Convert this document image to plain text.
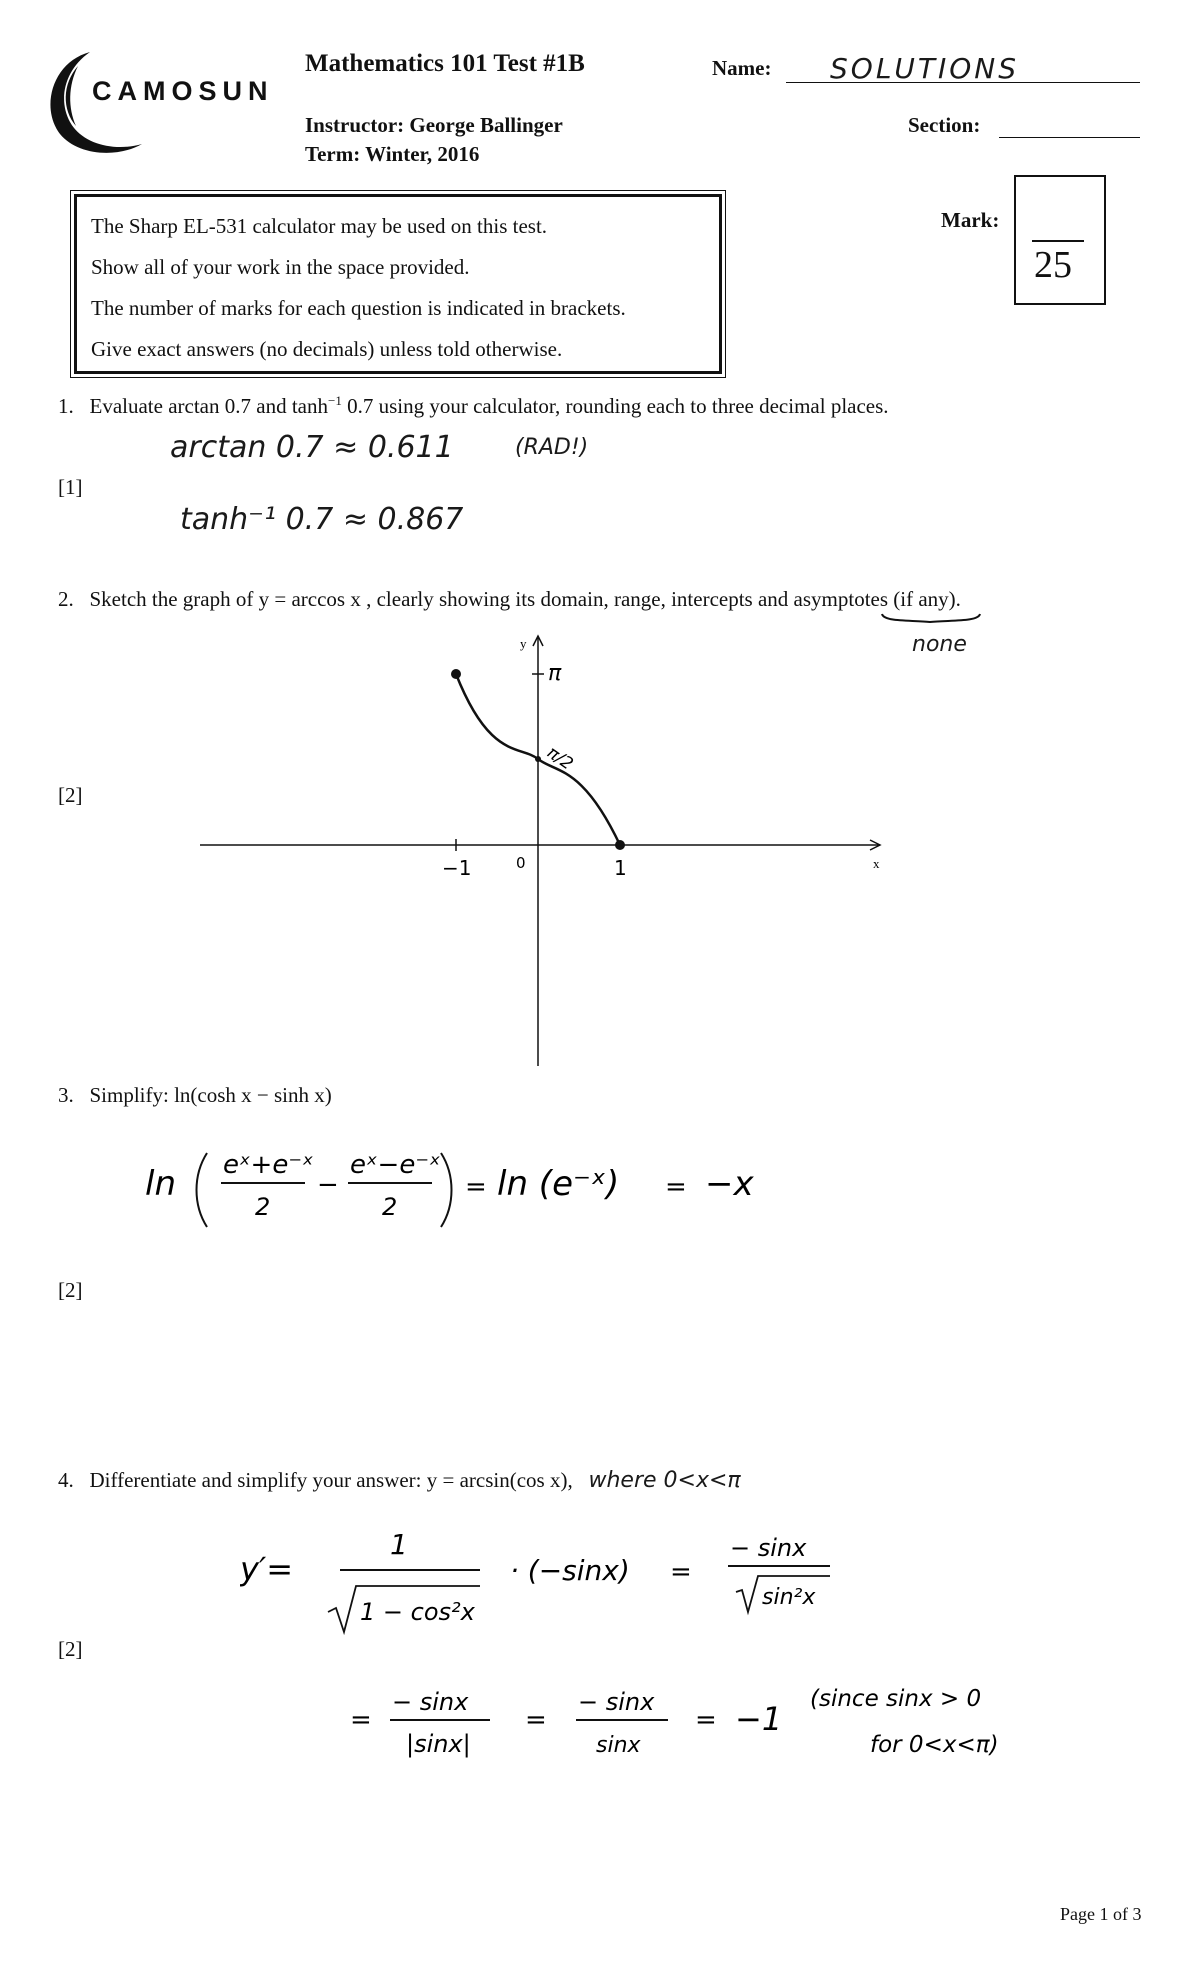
CAMOSUN
Mathematics 101 Test #1B
Instructor: George Ballinger
Term: Winter, 2016
Name: SOLUTIONS
Section:
Mark:
25
The Sharp EL-531 calculator may be used on this test.
Show all of your work in the space provided.
The number of marks for each question is indicated in brackets.
Give exact answers (no decimals) unless told otherwise.
1. Evaluate arctan 0.7 and $\tanh^{-1} 0.7$ using your calculator, rounding each to three decimal places.
[1]
arctan 0.7 ≈ 0.611	(RAD!)
tanh⁻¹ 0.7 ≈ 0.867
2. Sketch the graph of y = arccos x , clearly showing its domain, range, intercepts and asymptotes (if any).
none
[2]
y
x
π
π/2
−1	0	1
3. Simplify: ln(cosh x − sinh x)
[2]
ln eˣ+e⁻ˣ
2
−
eˣ−e⁻ˣ
2
= ln (e⁻ˣ) = −x
4. Differentiate and simplify your answer: y = arcsin(cos x), where 0<x<π
[2]
y′=
1
1 − cos²x
· (−sinx) =
− sinx
sin²x
=
− sinx
|sinx|
=
− sinx
sinx
= −1
(since sinx > 0
for 0<x<π)
Page 1 of 3
